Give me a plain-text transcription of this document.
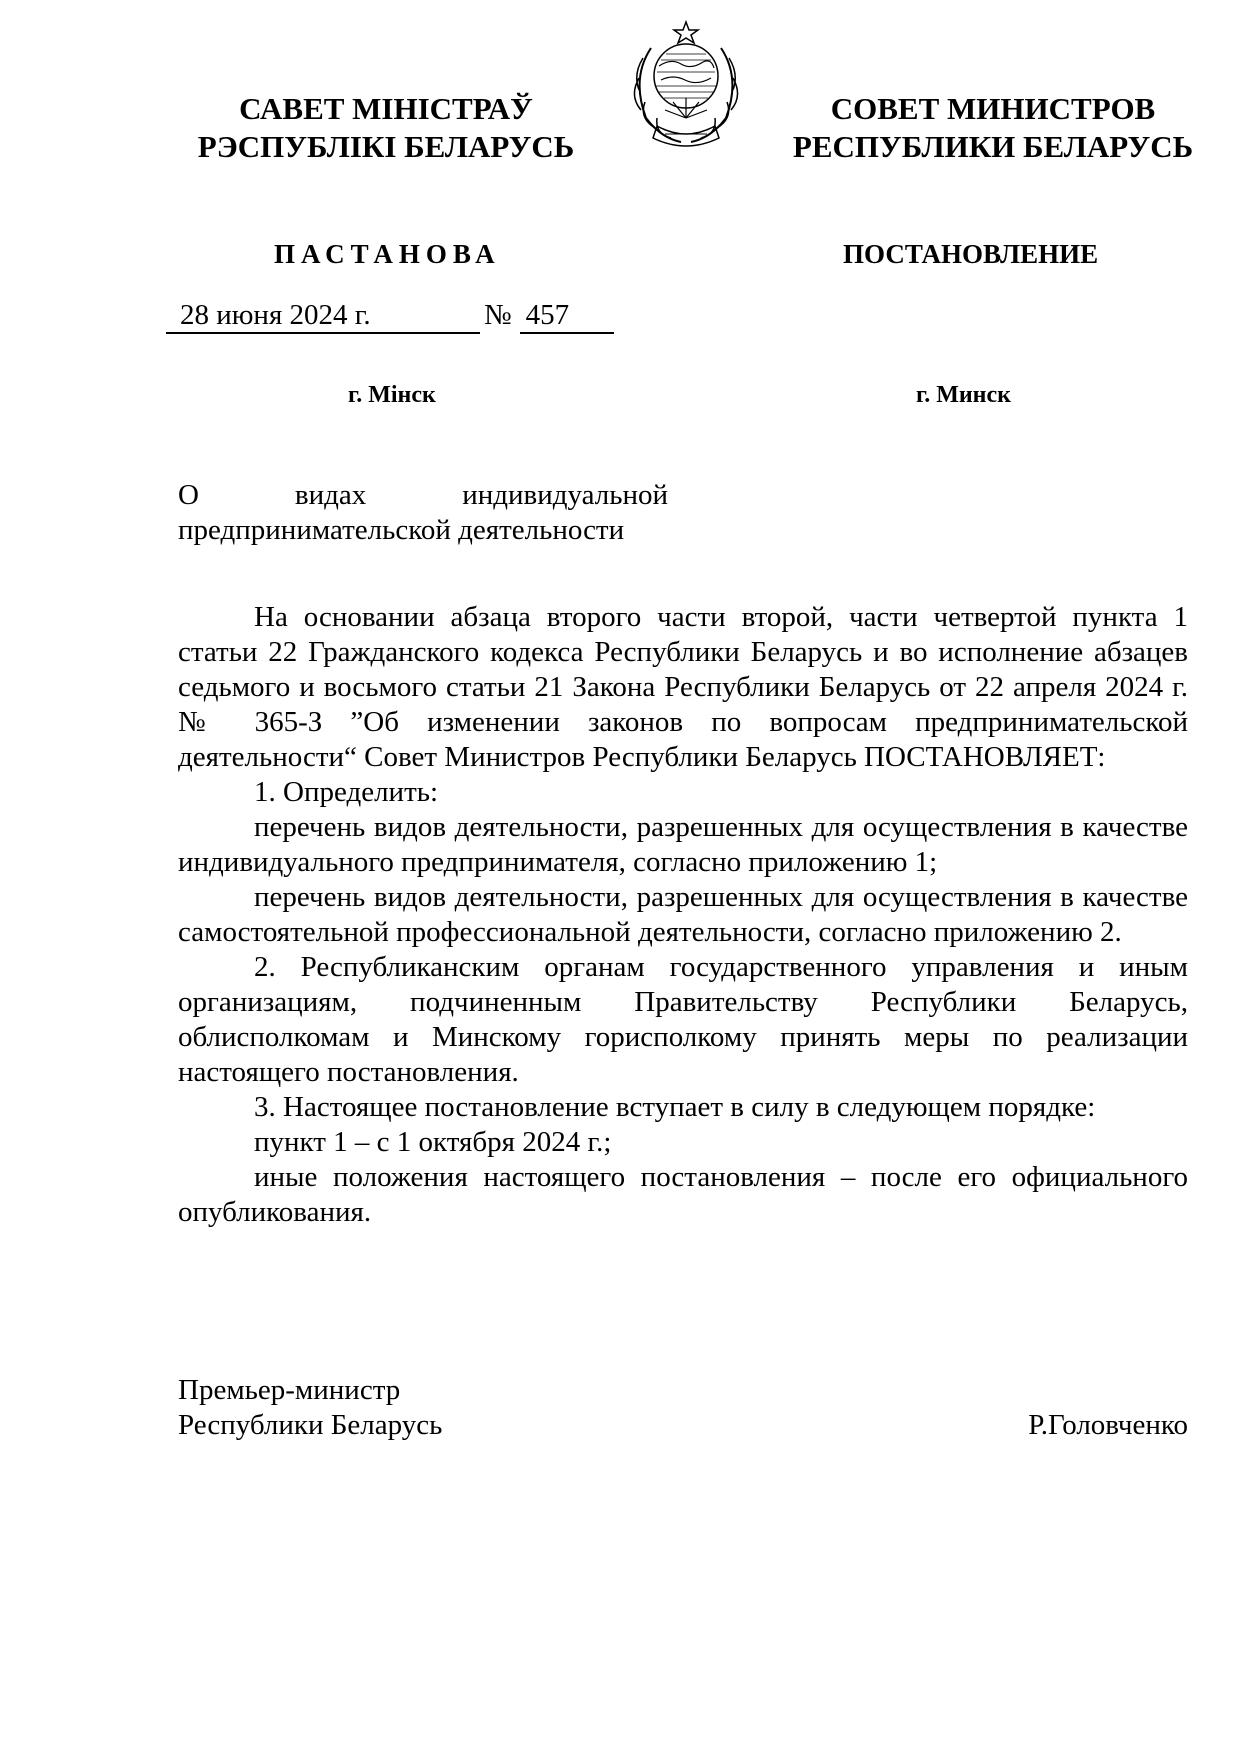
САВЕТ МІНІСТРАЎ
РЭСПУБЛІКІ БЕЛАРУСЬ
СОВЕТ МИНИСТРОВ
РЕСПУБЛИКИ БЕЛАРУСЬ
ПАСТАНОВА	ПОСТАНОВЛЕНИЕ
28 июня 2024 г.	№ 457
г. Мінск	г. Минск
О видах индивидуальной
предпринимательской деятельности

На основании абзаца второго части второй, части четвертой пункта 1 статьи 22 Гражданского кодекса Республики Беларусь и во исполнение абзацев седьмого и восьмого статьи 21 Закона Республики Беларусь от 22 апреля 2024 г. № 365-З ”Об изменении законов по вопросам предпринимательской деятельности“ Совет Министров Республики Беларусь ПОСТАНОВЛЯЕТ:

1. Определить:

перечень видов деятельности, разрешенных для осуществления в качестве индивидуального предпринимателя, согласно приложению 1;

перечень видов деятельности, разрешенных для осуществления в качестве самостоятельной профессиональной деятельности, согласно приложению 2.

2. Республиканским органам государственного управления и иным организациям, подчиненным Правительству Республики Беларусь, облисполкомам и Минскому горисполкому принять меры по реализации настоящего постановления.

3. Настоящее постановление вступает в силу в следующем порядке:

пункт 1 – с 1 октября 2024 г.;

иные положения настоящего постановления – после его официального опубликования.

Премьер-министр
Республики Беларусь	Р.Головченко
